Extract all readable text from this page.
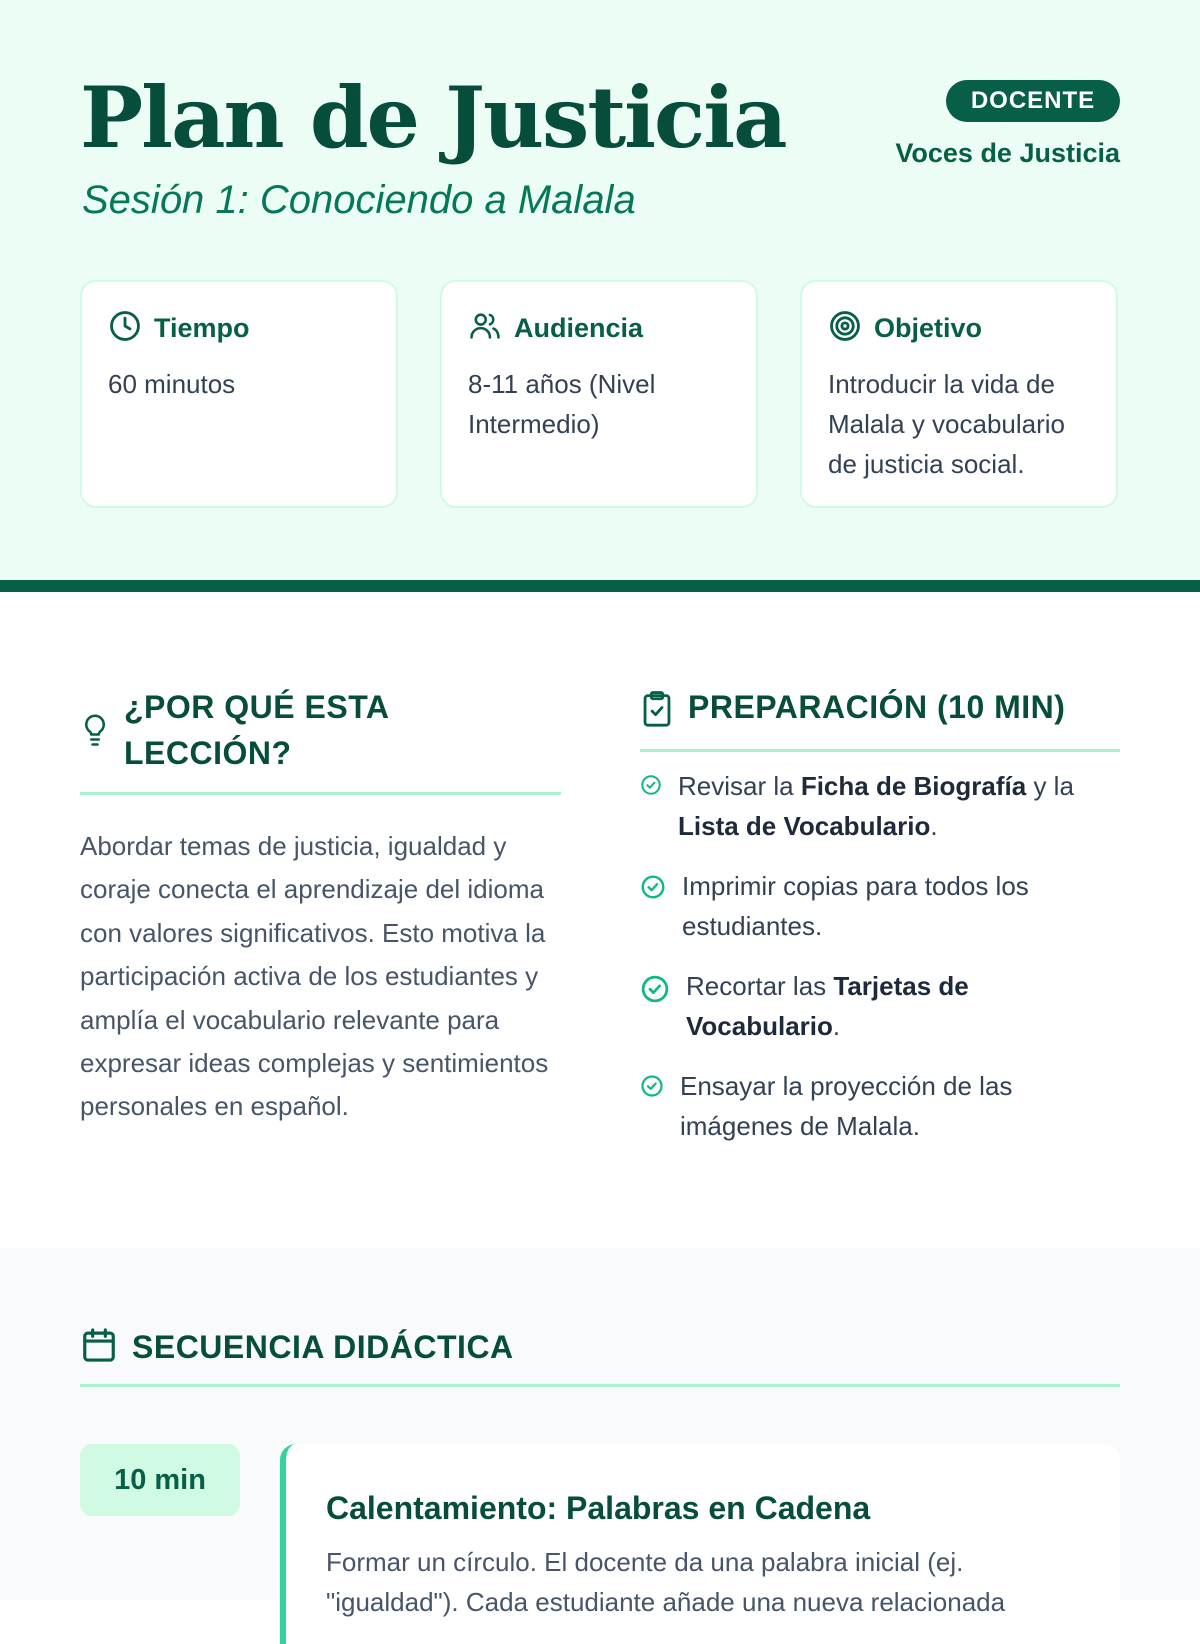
Plan de Justicia

Sesión 1: Conociendo a Malala

DOCENTE
Voces de Justicia
Tiempo
60 minutos
Audiencia
8-11 años (Nivel Intermedio)
Objetivo
Introducir la vida de Malala y vocabulario de justicia social.
¿POR QUÉ ESTA LECCIÓN?

Abordar temas de justicia, igualdad y coraje conecta el aprendizaje del idioma con valores significativos. Esto motiva la participación activa de los estudiantes y amplía el vocabulario relevante para expresar ideas complejas y sentimientos personales en español.

PREPARACIÓN (10 MIN)
Revisar la Ficha de Biografía y la Lista de Vocabulario.
Imprimir copias para todos los estudiantes.
Recortar las Tarjetas de Vocabulario.
Ensayar la proyección de las imágenes de Malala.
SECUENCIA DIDÁCTICA
10 min
Calentamiento: Palabras en Cadena
Formar un círculo. El docente da una palabra inicial (ej. "igualdad"). Cada estudiante añade una nueva relacionada
